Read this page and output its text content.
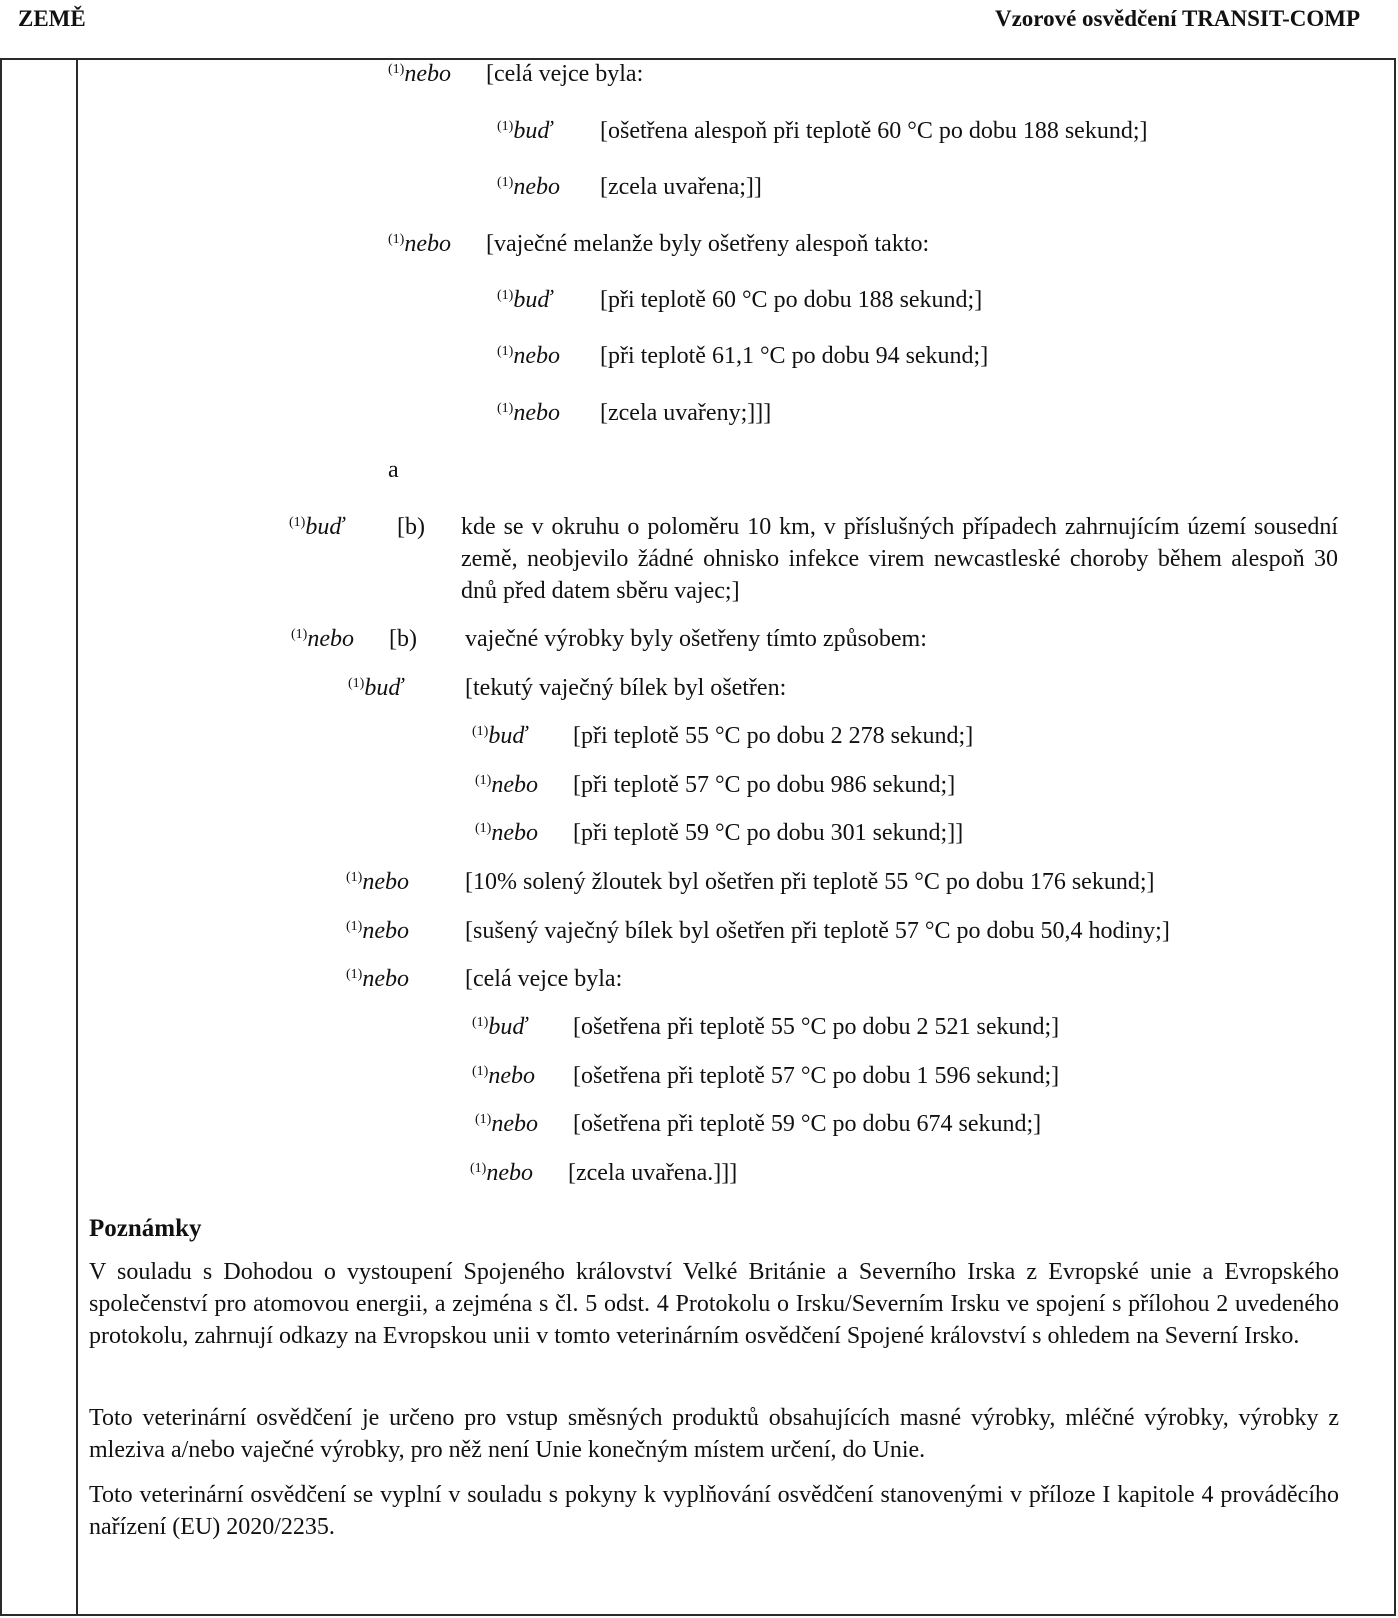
ZEMĚ	Vzorové osvědčení TRANSIT-COMP
$^{(1)}$nebo [celá vejce byla:
$^{(1)}$buď [ošetřena alespoň při teplotě 60 °C po dobu 188 sekund;]
$^{(1)}$nebo [zcela uvařena;]]
$^{(1)}$nebo [vaječné melanže byly ošetřeny alespoň takto:
$^{(1)}$buď [při teplotě 60 °C po dobu 188 sekund;]
$^{(1)}$nebo [při teplotě 61,1 °C po dobu 94 sekund;]
$^{(1)}$nebo [zcela uvařeny;]]]
a
$^{(1)}$buď [b) kde se v okruhu o poloměru 10 km, v příslušných případech zahrnujícím území sousední země, neobjevilo žádné ohnisko infekce virem newcastleské choroby během alespoň 30 dnů před datem sběru vajec;]
$^{(1)}$nebo [b) vaječné výrobky byly ošetřeny tímto způsobem:
$^{(1)}$buď	[tekutý vaječný bílek byl ošetřen:
$^{(1)}$buď [při teplotě 55 °C po dobu 2 278 sekund;]
$^{(1)}$nebo [při teplotě 57 °C po dobu 986 sekund;]
$^{(1)}$nebo [při teplotě 59 °C po dobu 301 sekund;]]
$^{(1)}$nebo [10% solený žloutek byl ošetřen při teplotě 55 °C po dobu 176 sekund;]
$^{(1)}$nebo [sušený vaječný bílek byl ošetřen při teplotě 57 °C po dobu 50,4 hodiny;]
$^{(1)}$nebo [celá vejce byla:
$^{(1)}$buď [ošetřena při teplotě 55 °C po dobu 2 521 sekund;]
$^{(1)}$nebo [ošetřena při teplotě 57 °C po dobu 1 596 sekund;]
$^{(1)}$nebo [ošetřena při teplotě 59 °C po dobu 674 sekund;]
$^{(1)}$nebo [zcela uvařena.]]]
Poznámky
V souladu s Dohodou o vystoupení Spojeného království Velké Británie a Severního Irska z Evropské unie a Evropského společenství pro atomovou energii, a zejména s čl. 5 odst. 4 Protokolu o Irsku/Severním Irsku ve spojení s přílohou 2 uvedeného protokolu, zahrnují odkazy na Evropskou unii v tomto veterinárním osvědčení Spojené království s ohledem na Severní Irsko.
Toto veterinární osvědčení je určeno pro vstup směsných produktů obsahujících masné výrobky, mléčné výrobky, výrobky z mleziva a/nebo vaječné výrobky, pro něž není Unie konečným místem určení, do Unie.
Toto veterinární osvědčení se vyplní v souladu s pokyny k vyplňování osvědčení stanovenými v příloze I kapitole 4 prováděcího nařízení (EU) 2020/2235.
